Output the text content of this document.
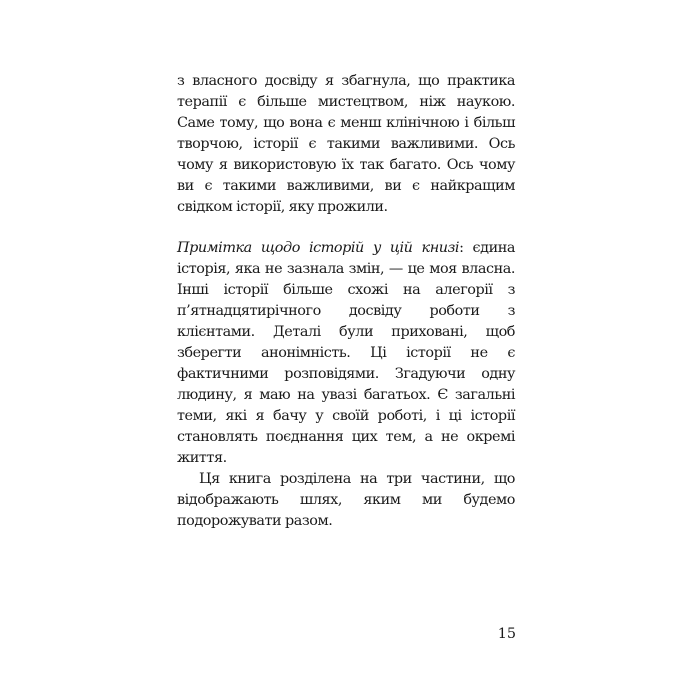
з власного досвіду я збагнула, що практика терапії є більше мистецтвом, ніж наукою. Саме тому, що вона є менш клінічною і більш творчою, історії є такими важливими. Ось чому я використовую їх так багато. Ось чому ви є такими важливими, ви є найкращим свідком історії, яку прожили.

Примітка щодо історій у цій книзі: єдина історія, яка не зазнала змін, — це моя власна. Інші історії більше схожі на алегорії з п’ятнадцятирічного досвіду роботи з клієнтами. Деталі були приховані, щоб зберегти анонімність. Ці історії не є фактичними розповідями. Згадуючи одну людину, я маю на увазі багатьох. Є загальні теми, які я бачу у своїй роботі, і ці історії становлять поєднання цих тем, а не окремі життя.

Ця книга розділена на три частини, що відображають шлях, яким ми будемо подорожувати разом.

15
